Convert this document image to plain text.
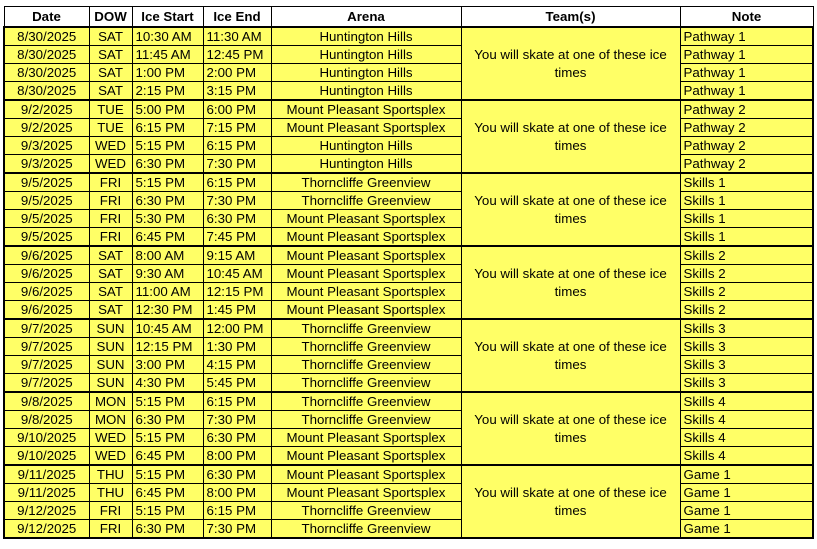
Date	DOW	Ice Start	Ice End	Arena	Team(s)	Note
8/30/2025	SAT	10:30 AM	11:30 AM	Huntington Hills	You will skate at one of these ice times	Pathway 1
8/30/2025	SAT	11:45 AM	12:45 PM	Huntington Hills		Pathway 1
8/30/2025	SAT	1:00 PM	2:00 PM	Huntington Hills		Pathway 1
8/30/2025	SAT	2:15 PM	3:15 PM	Huntington Hills		Pathway 1
9/2/2025	TUE	5:00 PM	6:00 PM	Mount Pleasant Sportsplex	You will skate at one of these ice times	Pathway 2
9/2/2025	TUE	6:15 PM	7:15 PM	Mount Pleasant Sportsplex		Pathway 2
9/3/2025	WED	5:15 PM	6:15 PM	Huntington Hills		Pathway 2
9/3/2025	WED	6:30 PM	7:30 PM	Huntington Hills		Pathway 2
9/5/2025	FRI	5:15 PM	6:15 PM	Thorncliffe Greenview	You will skate at one of these ice times	Skills 1
9/5/2025	FRI	6:30 PM	7:30 PM	Thorncliffe Greenview		Skills 1
9/5/2025	FRI	5:30 PM	6:30 PM	Mount Pleasant Sportsplex		Skills 1
9/5/2025	FRI	6:45 PM	7:45 PM	Mount Pleasant Sportsplex		Skills 1
9/6/2025	SAT	8:00 AM	9:15 AM	Mount Pleasant Sportsplex	You will skate at one of these ice times	Skills 2
9/6/2025	SAT	9:30 AM	10:45 AM	Mount Pleasant Sportsplex		Skills 2
9/6/2025	SAT	11:00 AM	12:15 PM	Mount Pleasant Sportsplex		Skills 2
9/6/2025	SAT	12:30 PM	1:45 PM	Mount Pleasant Sportsplex		Skills 2
9/7/2025	SUN	10:45 AM	12:00 PM	Thorncliffe Greenview	You will skate at one of these ice times	Skills 3
9/7/2025	SUN	12:15 PM	1:30 PM	Thorncliffe Greenview		Skills 3
9/7/2025	SUN	3:00 PM	4:15 PM	Thorncliffe Greenview		Skills 3
9/7/2025	SUN	4:30 PM	5:45 PM	Thorncliffe Greenview		Skills 3
9/8/2025	MON	5:15 PM	6:15 PM	Thorncliffe Greenview	You will skate at one of these ice times	Skills 4
9/8/2025	MON	6:30 PM	7:30 PM	Thorncliffe Greenview		Skills 4
9/10/2025	WED	5:15 PM	6:30 PM	Mount Pleasant Sportsplex		Skills 4
9/10/2025	WED	6:45 PM	8:00 PM	Mount Pleasant Sportsplex		Skills 4
9/11/2025	THU	5:15 PM	6:30 PM	Mount Pleasant Sportsplex	You will skate at one of these ice times	Game 1
9/11/2025	THU	6:45 PM	8:00 PM	Mount Pleasant Sportsplex		Game 1
9/12/2025	FRI	5:15 PM	6:15 PM	Thorncliffe Greenview		Game 1
9/12/2025	FRI	6:30 PM	7:30 PM	Thorncliffe Greenview		Game 1
